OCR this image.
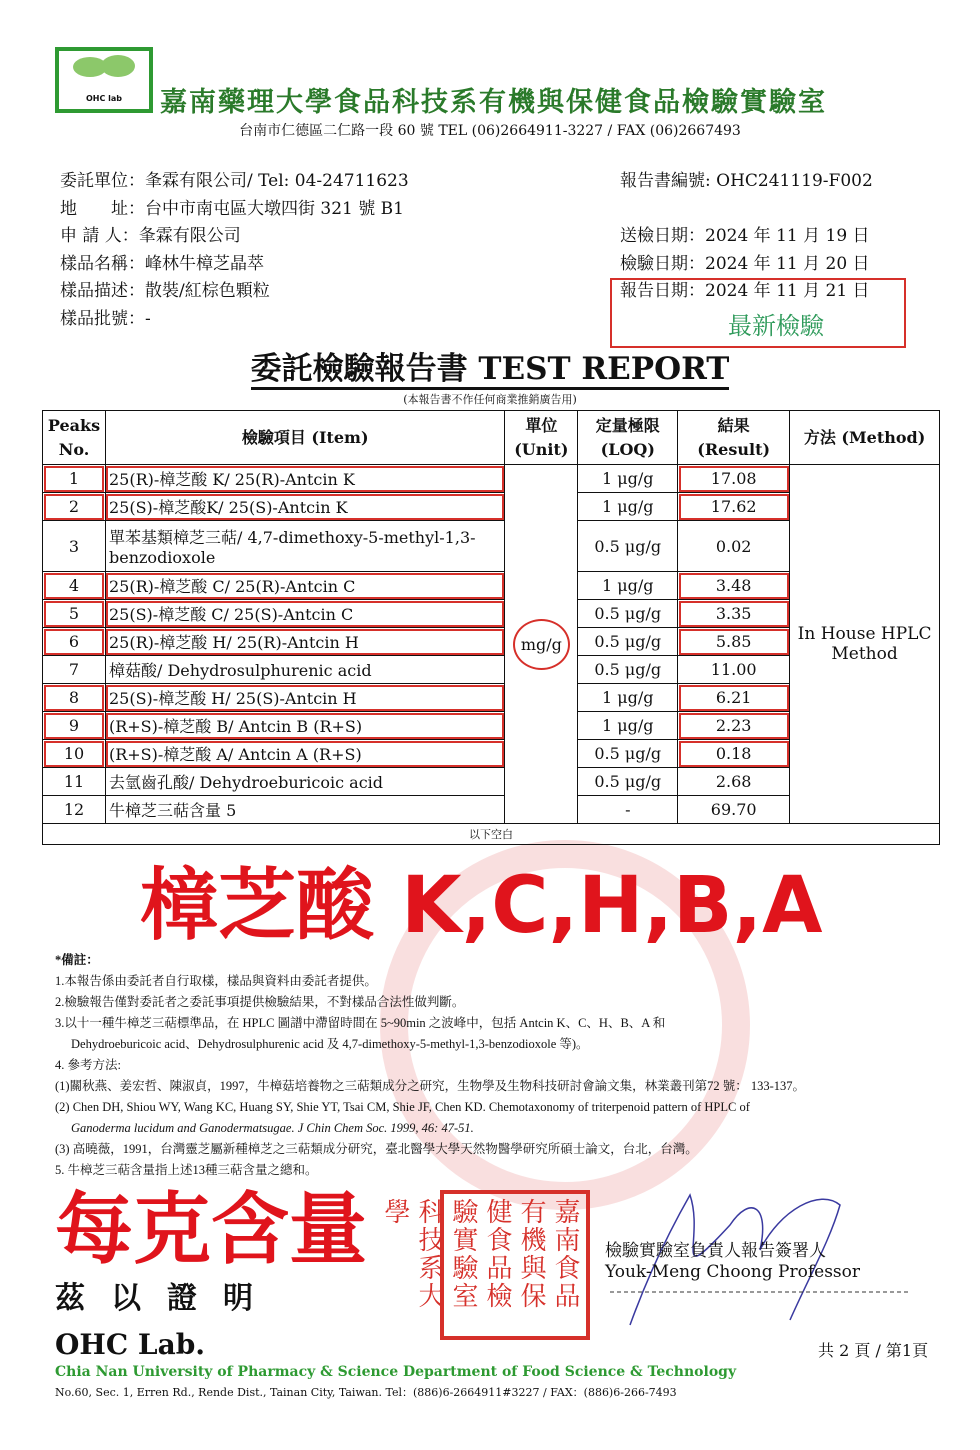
OHC lab	嘉南藥理大學食品科技系有機與保健食品檢驗實驗室
台南市仁德區二仁路一段 60 號 TEL (06)2664911-3227 / FAX (06)2667493
委託單位：夆霖有限公司/ Tel: 04-24711623
地　　址：台中市南屯區大墩四街 321 號 B1
申 請 人：夆霖有限公司
樣品名稱：峰林牛樟芝晶萃
樣品描述：散裝/紅棕色顆粒
樣品批號：-
報告書編號: OHC241119-F002

送檢日期：2024 年 11 月 19 日
檢驗日期：2024 年 11 月 20 日
報告日期：2024 年 11 月 21 日
最新檢驗
委託檢驗報告書 TEST REPORT
(本報告書不作任何商業推銷廣告用)
Peaks No.	檢驗項目 (Item)	單位 (Unit)	定量極限 (LOQ)	結果 (Result)	方法 (Method)
1	25(R)-樟芝酸 K/ 25(R)-Antcin K	mg/g	1 μg/g	17.08	In House HPLC Method
2	25(S)-樟芝酸K/ 25(S)-Antcin K		1 μg/g	17.62	
3	單苯基類樟芝三萜/ 4,7-dimethoxy-5-methyl-1,3-benzodioxole		0.5 μg/g	0.02	
4	25(R)-樟芝酸 C/ 25(R)-Antcin C		1 μg/g	3.48	
5	25(S)-樟芝酸 C/ 25(S)-Antcin C		0.5 μg/g	3.35	
6	25(R)-樟芝酸 H/ 25(R)-Antcin H		0.5 μg/g	5.85	
7	樟菇酸/ Dehydrosulphurenic acid		0.5 μg/g	11.00	
8	25(S)-樟芝酸 H/ 25(S)-Antcin H		1 μg/g	6.21	
9	(R+S)-樟芝酸 B/ Antcin B (R+S)		1 μg/g	2.23	
10	(R+S)-樟芝酸 A/ Antcin A (R+S)		0.5 μg/g	0.18	
11	去氫齒孔酸/ Dehydroeburicoic acid		0.5 μg/g	2.68	
12	牛樟芝三萜含量 5		-	69.70	
以下空白					
樟芝酸 K,C,H,B,A
*備註：
1.本報告係由委託者自行取樣，樣品與資料由委託者提供。
2.檢驗報告僅對委託者之委託事項提供檢驗結果，不對樣品合法性做判斷。
3.以十一種牛樟芝三萜標準品，在 HPLC 圖譜中滯留時間在 5~90min 之波峰中，包括 Antcin K、C、H、B、A 和
Dehydroeburicoic acid、Dehydrosulphurenic acid 及 4,7-dimethoxy-5-methyl-1,3-benzodioxole 等)。
4. 參考方法:
(1)關秋燕、姜宏哲、陳淑貞，1997，牛樟菇培養物之三萜類成分之研究，生物學及生物科技研討會論文集，林業叢刊第72 號： 133-137。
(2) Chen DH, Shiou WY, Wang KC, Huang SY, Shie YT, Tsai CM, Shie JF, Chen KD. Chemotaxonomy of triterpenoid pattern of HPLC of
Ganoderma lucidum and Ganodermatsugae. J Chin Chem Soc. 1999, 46: 47-51.
(3) 高曉薇，1991，台灣靈芝屬新種樟芝之三萜類成分研究，臺北醫學大學天然物醫學研究所碩士論文，台北，台灣。
5. 牛樟芝三萜含量指上述13種三萜含量之總和。
每克含量
茲以證明	嘉南食品有機與保健食品檢驗實驗室科技系大學
檢驗實驗室負責人報告簽署人
Youk-Meng Choong Professor
OHC Lab.
Chia Nan University of Pharmacy & Science Department of Food Science & Technology
No.60, Sec. 1, Erren Rd., Rende Dist., Tainan City, Taiwan. Tel：(886)6-2664911#3227 / FAX：(886)6-266-7493
共 2 頁 / 第1頁
